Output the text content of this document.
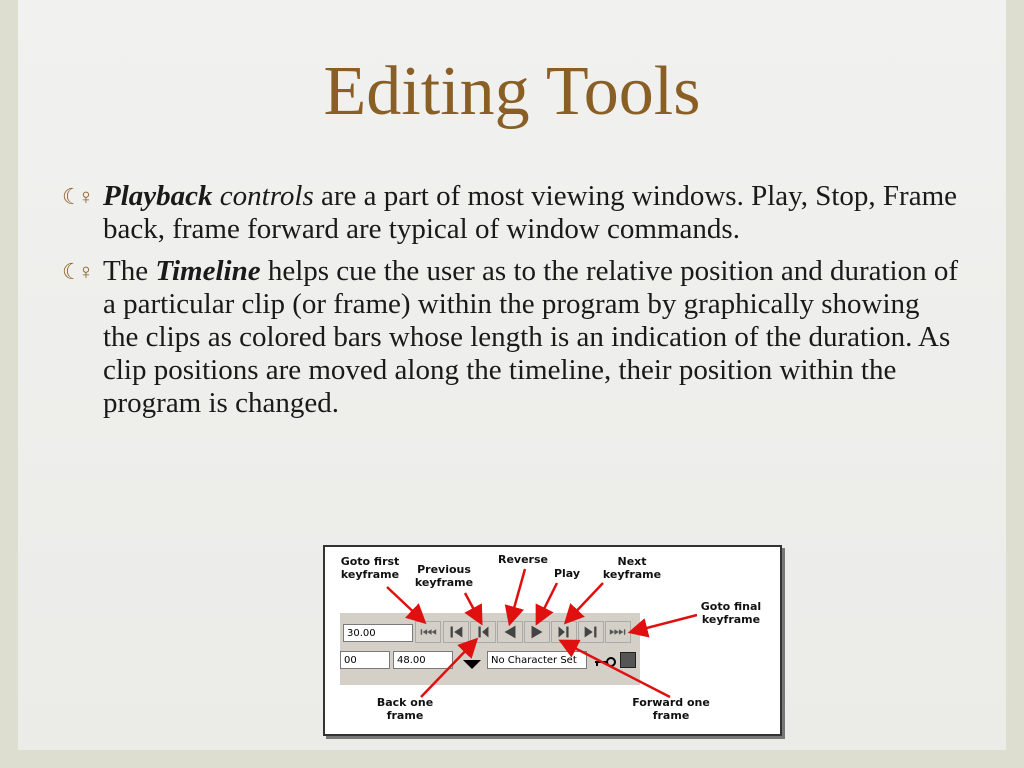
Editing Tools
☾♀ Playback controls are a part of most viewing windows. Play, Stop, Frame back, frame forward are typical of window commands.
☾♀ The Timeline helps cue the user as to the relative position and duration of a particular clip (or frame) within the program by graphically showing the clips as colored bars whose length is an indication of the duration. As clip positions are moved along the timeline, their position within the program is changed.
30.00
00	48.00	No Character Set
Goto first keyframe	Previous keyframe
Reverse
Play
Next keyframe
Goto final keyframe
Back one frame
Forward one frame
